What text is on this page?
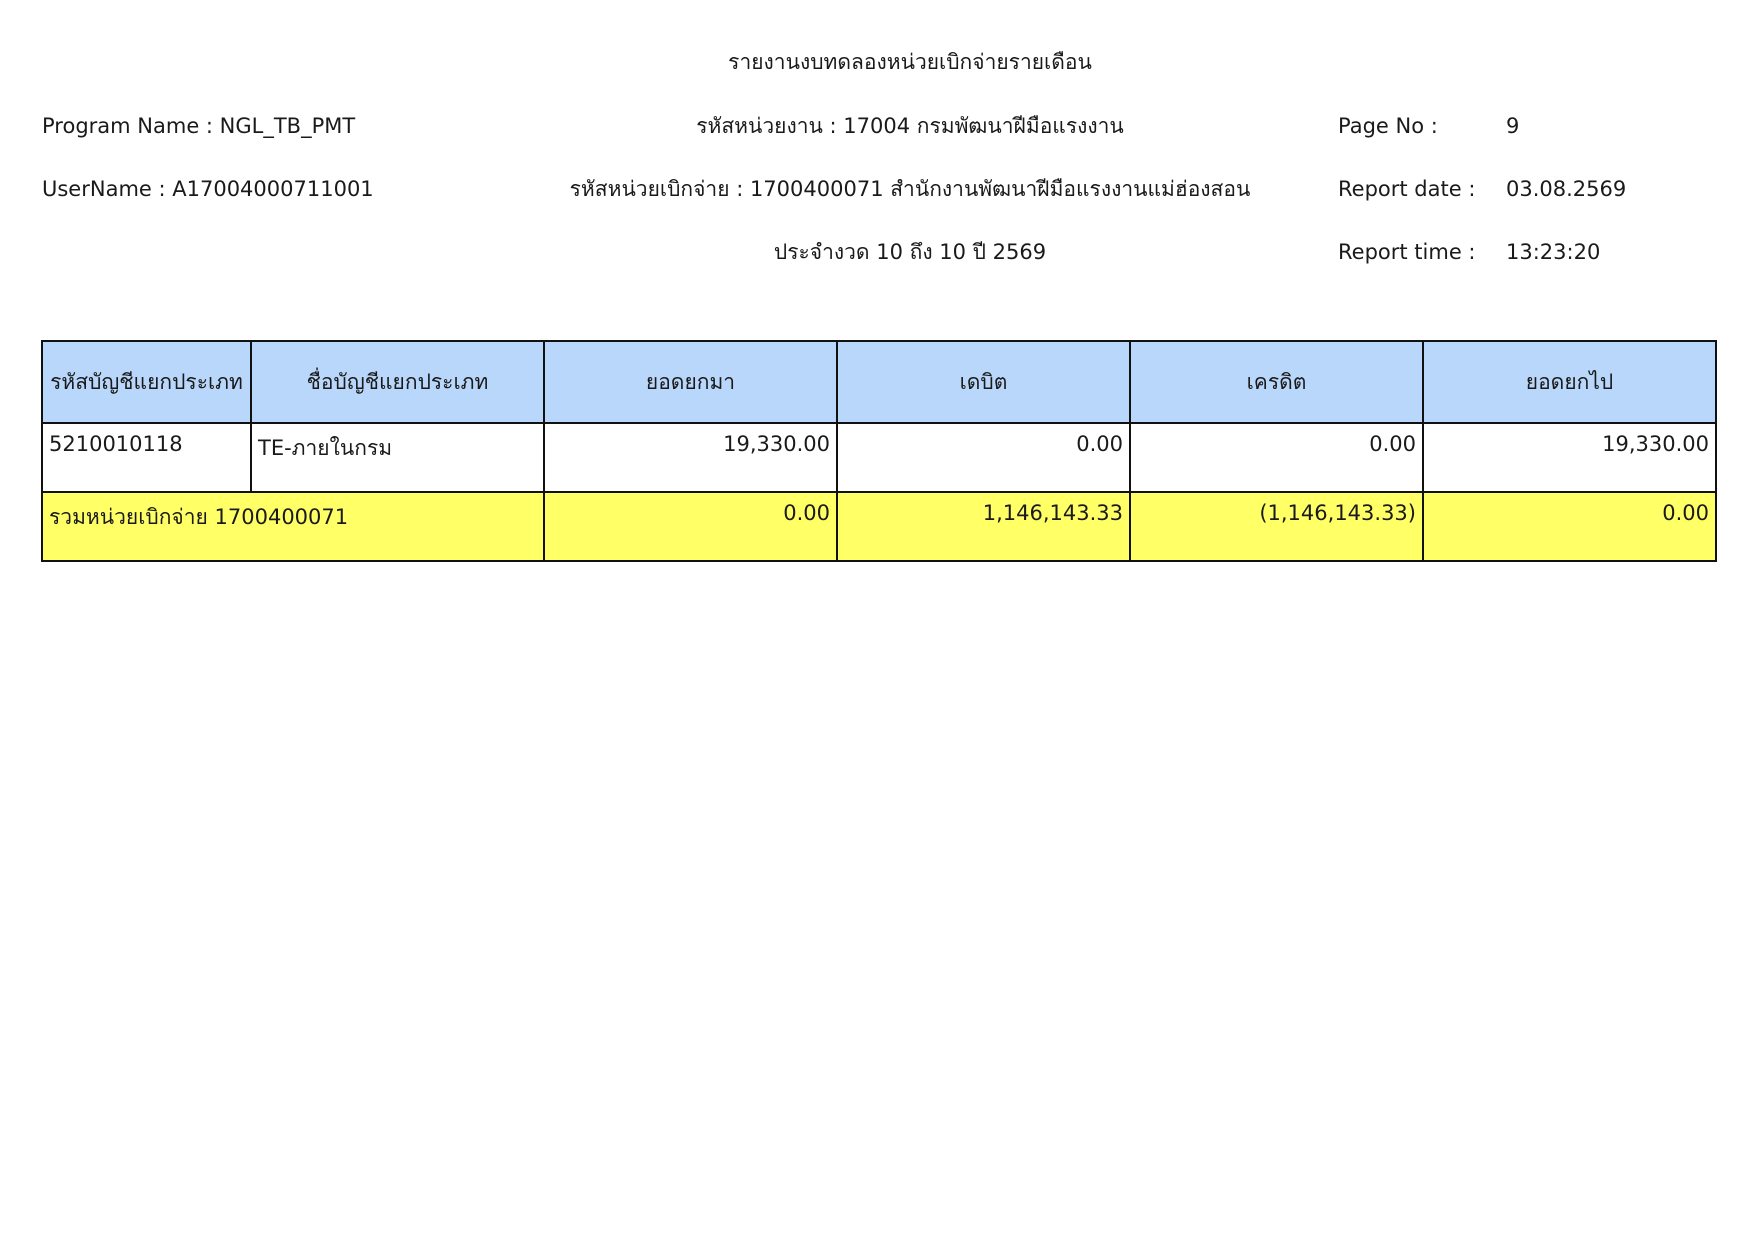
รายงานงบทดลองหน่วยเบิกจ่ายรายเดือน
Program Name : NGL_TB_PMT	รหัสหน่วยงาน : 17004 กรมพัฒนาฝีมือแรงงาน	Page No :	9
UserName : A17004000711001	รหัสหน่วยเบิกจ่าย : 1700400071 สำนักงานพัฒนาฝีมือแรงงานแม่ฮ่องสอน	Report date : 03.08.2569
ประจำงวด 10 ถึง 10 ปี 2569	Report time : 13:23:20
รหัสบัญชีแยกประเภท	ชื่อบัญชีแยกประเภท	ยอดยกมา	เดบิต	เครดิต	ยอดยกไป
5210010118	TE-ภายในกรม	19,330.00	0.00	0.00	19,330.00
รวมหน่วยเบิกจ่าย 1700400071		0.00	1,146,143.33	(1,146,143.33)	0.00
